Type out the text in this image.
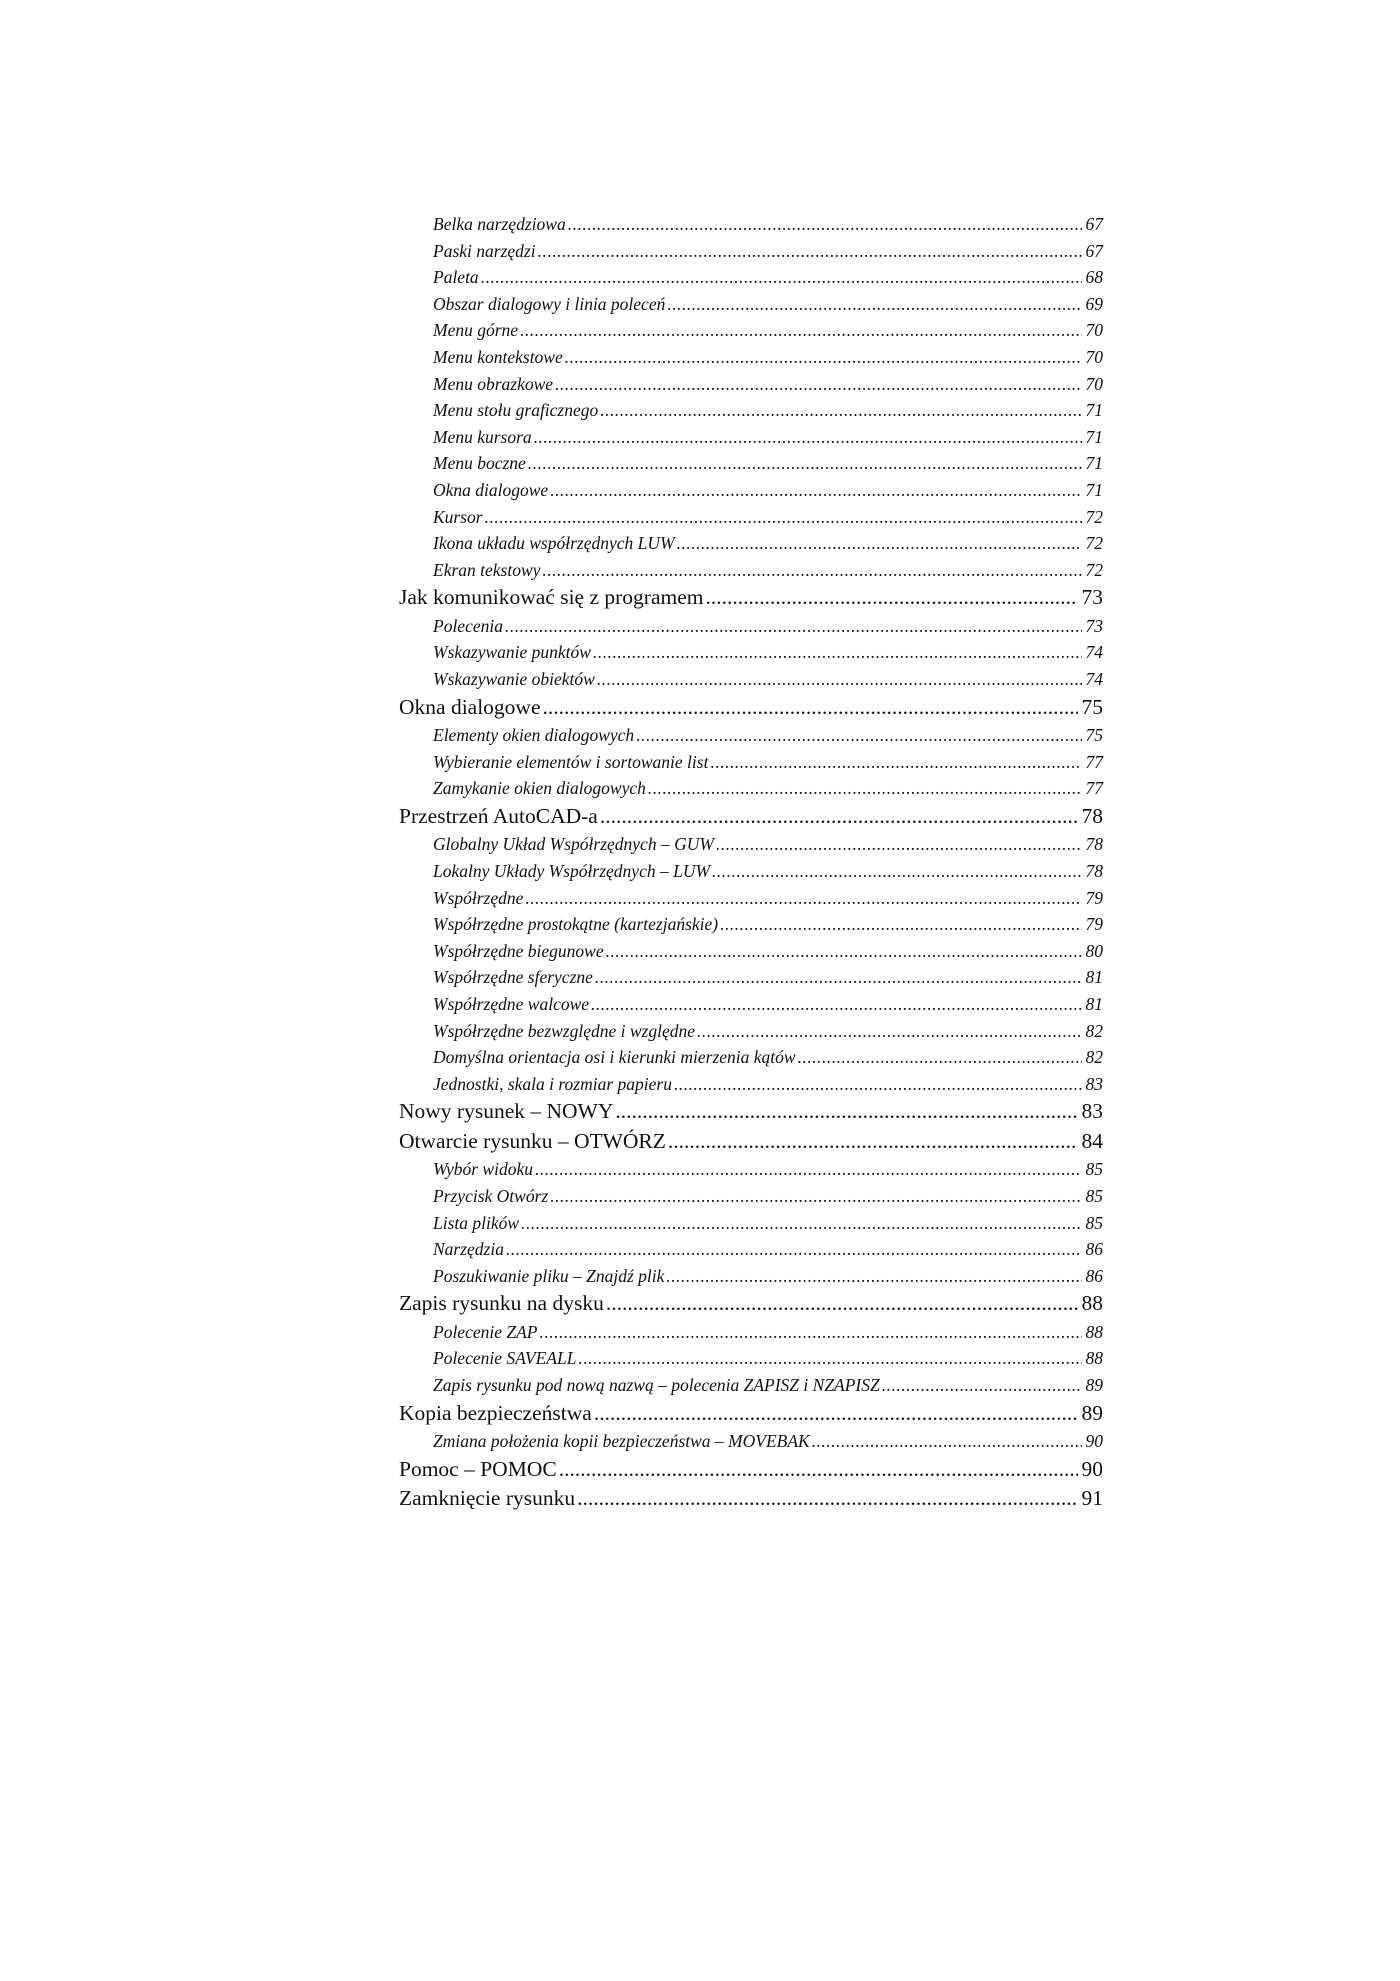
Belka narzędziowa .....	67
Paski narzędzi .....	67
Paleta .....	68
Obszar dialogowy i linia poleceń .....	69
Menu górne .....	70
Menu kontekstowe .....	70
Menu obrazkowe .....	70
Menu stołu graficznego .....	71
Menu kursora .....	71
Menu boczne .....	71
Okna dialogowe .....	71
Kursor .....	72
Ikona układu współrzędnych LUW .....	72
Ekran tekstowy .....	72
Jak komunikować się z programem .....	73
Polecenia .....	73
Wskazywanie punktów .....	74
Wskazywanie obiektów .....	74
Okna dialogowe .....	75
Elementy okien dialogowych .....	75
Wybieranie elementów i sortowanie list .....	77
Zamykanie okien dialogowych .....	77
Przestrzeń AutoCAD-a .....	78
Globalny Układ Współrzędnych – GUW .....	78
Lokalny Układy Współrzędnych – LUW .....	78
Współrzędne .....	79
Współrzędne prostokątne (kartezjańskie) .....	79
Współrzędne biegunowe .....	80
Współrzędne sferyczne .....	81
Współrzędne walcowe .....	81
Współrzędne bezwzględne i względne .....	82
Domyślna orientacja osi i kierunki mierzenia kątów .....	82
Jednostki, skala i rozmiar papieru .....	83
Nowy rysunek – NOWY .....	83
Otwarcie rysunku – OTWÓRZ .....	84
Wybór widoku .....	85
Przycisk Otwórz .....	85
Lista plików .....	85
Narzędzia .....	86
Poszukiwanie pliku – Znajdź plik .....	86
Zapis rysunku na dysku .....	88
Polecenie ZAP .....	88
Polecenie SAVEALL .....	88
Zapis rysunku pod nową nazwą – polecenia ZAPISZ i NZAPISZ .....	89
Kopia bezpieczeństwa .....	89
Zmiana położenia kopii bezpieczeństwa – MOVEBAK .....	90
Pomoc – POMOC .....	90
Zamknięcie rysunku .....	91
